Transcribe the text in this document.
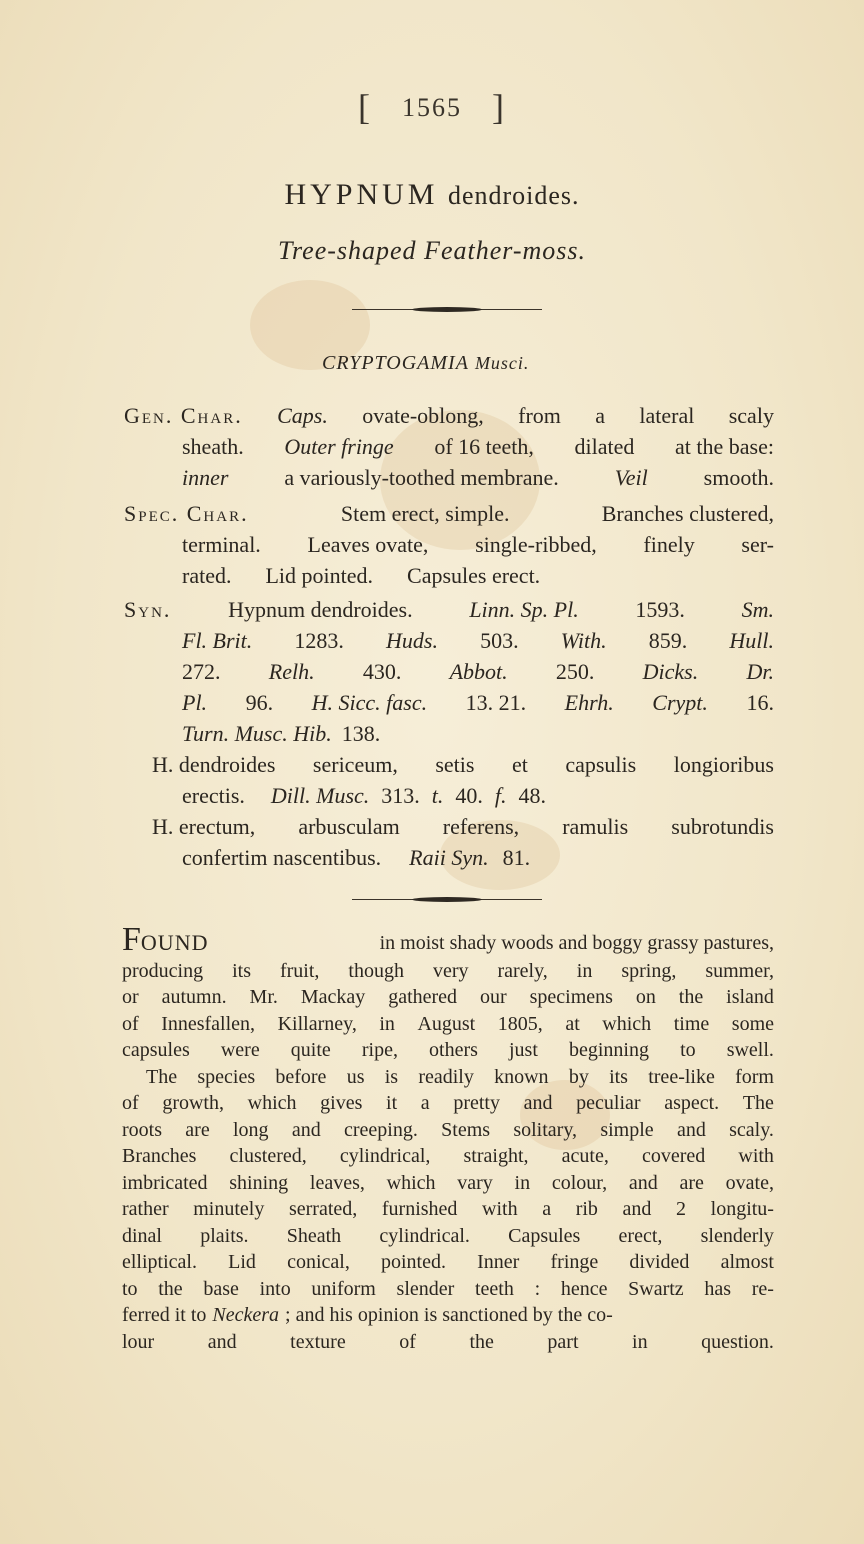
[ 1565 ]
HYPNUM dendroides.
Tree-shaped Feather-moss.
CRYPTOGAMIA Musci.
Gen. Char. Caps. ovate-oblong, from a lateral scaly
sheath. Outer fringe of 16 teeth, dilated at the base:
inner	a variously-toothed membrane.	Veil	smooth.
Spec. Char.	Stem erect, simple.	Branches clustered,
terminal. Leaves ovate, single-ribbed, finely ser-
rated. Lid pointed. Capsules erect.
Syn.	Hypnum dendroides.	Linn. Sp. Pl.	1593.	Sm.
Fl. Brit. 1283. Huds. 503. With. 859. Hull.
272. Relh. 430. Abbot. 250. Dicks. Dr.
Pl. 96. H. Sicc. fasc. 13. 21. Ehrh. Crypt. 16.
Turn. Musc. Hib. 138.
H. dendroides sericeum, setis et capsulis longioribus
erectis. Dill. Musc. 313. t. 40. f. 48.
H. erectum, arbusculam referens, ramulis subrotundis
confertim nascentibus. Raii Syn. 81.
FOUND	in moist shady woods and boggy grassy pastures,
producing its fruit, though very rarely, in spring, summer,
or autumn. Mr. Mackay gathered our specimens on the island
of Innesfallen, Killarney, in August 1805, at which time some
capsules were quite ripe, others just beginning to swell.
The species before us is readily known by its tree-like form
of growth, which gives it a pretty and peculiar aspect. The
roots are long and creeping. Stems solitary, simple and scaly.
Branches clustered, cylindrical, straight, acute, covered with
imbricated shining leaves, which vary in colour, and are ovate,
rather minutely serrated, furnished with a rib and 2 longitu-
dinal plaits. Sheath cylindrical. Capsules erect, slenderly
elliptical. Lid conical, pointed. Inner fringe divided almost
to the base into uniform slender teeth : hence Swartz has re-
ferred it to Neckera ; and his opinion is sanctioned by the co-
lour	and	texture	of	the	part	in	question.
